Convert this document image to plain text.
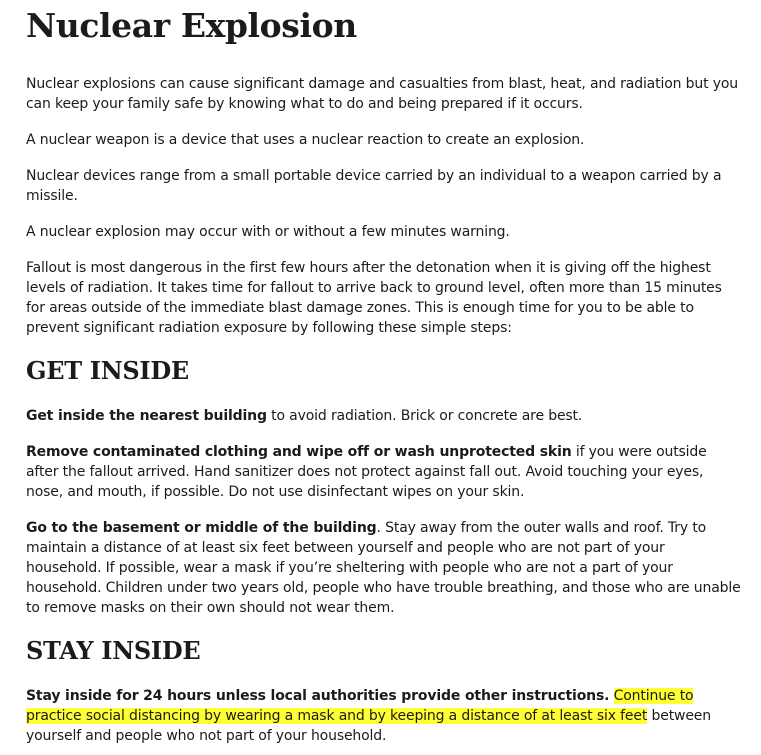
Nuclear Explosion

Nuclear explosions can cause significant damage and casualties from blast, heat, and radiation but you can keep your family safe by knowing what to do and being prepared if it occurs.

A nuclear weapon is a device that uses a nuclear reaction to create an explosion.

Nuclear devices range from a small portable device carried by an individual to a weapon carried by a missile.

A nuclear explosion may occur with or without a few minutes warning.

Fallout is most dangerous in the first few hours after the detonation when it is giving off the highest levels of radiation. It takes time for fallout to arrive back to ground level, often more than 15 minutes for areas outside of the immediate blast damage zones. This is enough time for you to be able to prevent significant radiation exposure by following these simple steps:

GET INSIDE

Get inside the nearest building to avoid radiation. Brick or concrete are best.

Remove contaminated clothing and wipe off or wash unprotected skin if you were outside after the fallout arrived. Hand sanitizer does not protect against fall out. Avoid touching your eyes, nose, and mouth, if possible. Do not use disinfectant wipes on your skin.

Go to the basement or middle of the building. Stay away from the outer walls and roof. Try to maintain a distance of at least six feet between yourself and people who are not part of your household. If possible, wear a mask if you’re sheltering with people who are not a part of your household. Children under two years old, people who have trouble breathing, and those who are unable to remove masks on their own should not wear them.

STAY INSIDE

Stay inside for 24 hours unless local authorities provide other instructions. Continue to practice social distancing by wearing a mask and by keeping a distance of at least six feet between yourself and people who not part of your household.
